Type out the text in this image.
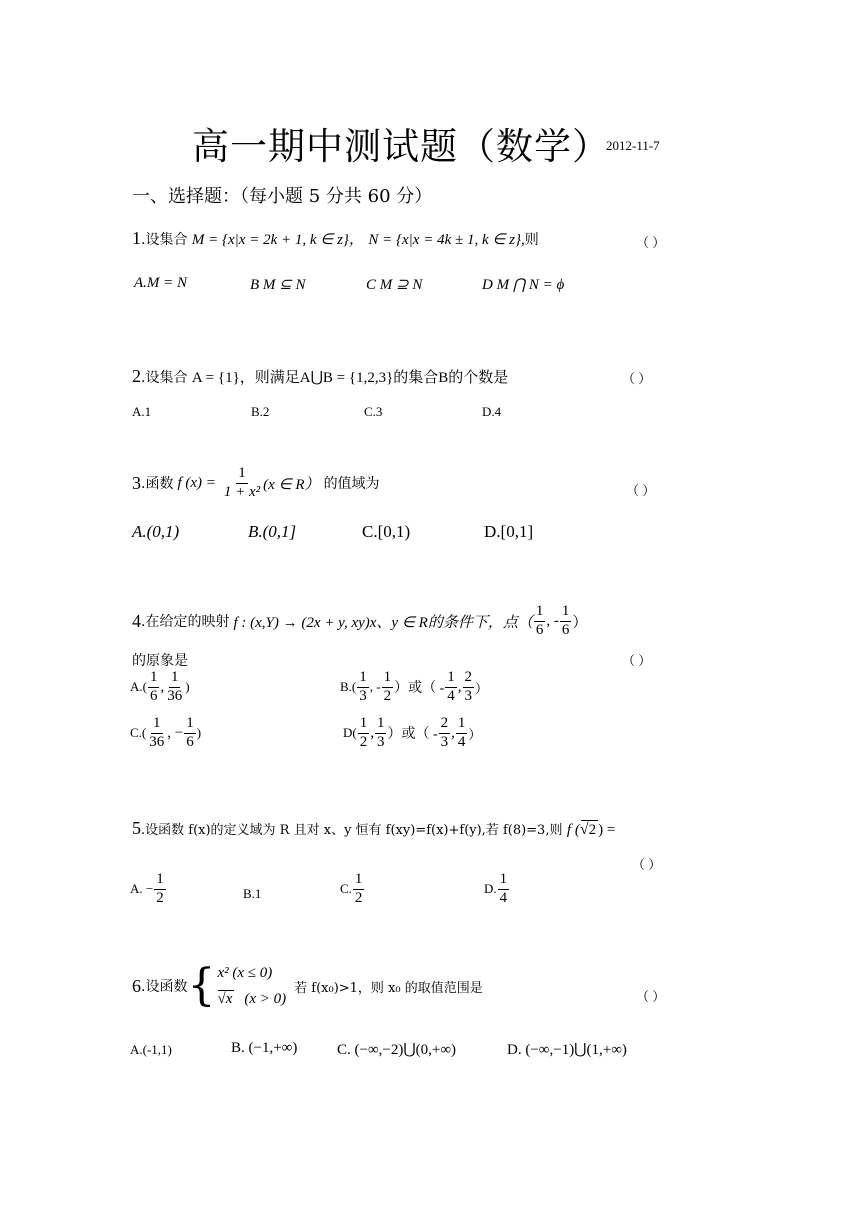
高一期中测试题（数学）
2012-11-7
一、选择题：（每小题 5 分共 60 分）
1.设集合 M = {x|x = 2k + 1, k ∈ z}， N = {x|x = 4k ± 1, k ∈ z},则	（ ）
A.M = N	B M ⊆ N	C M ⊇ N	D M ⋂ N = ϕ
2.设集合 A = {1}，则满足A⋃B = {1,2,3}的集合B的个数是	（ ）
A.1	B.2	C.3	D.4
3 .函数 f $(x) = \frac{1}{\text{1 + x²}} (x$ ∈ R） 的值域为	（ ）
A.(0,1)	B.(0,1]	C.[0,1)	D.[0,1]
4 .在给定的映射 f : (x,Y) → (2x + y, xy)x、y ∈ R的条件下，点（ $\frac{1}{6}$ , - $\frac{1}{6}$ ）
的原象是	（ ）
$A.( \frac{1}{6}$ , $\frac{1}{36}$ )	$B.( \frac{1}{3}$ , - $\frac{1}{2}$ ）或（ - $\frac{1}{4}$ , $\frac{2}{3}$ ）
$C.( \frac{1}{36}$ , − $\frac{1}{6}$ )	$D( \frac{1}{2}$ , $\frac{1}{3}$ ）或（ - $\frac{2}{3}$ , $\frac{1}{4}$ ）
5.设函数 f(x)的定义域为 R 且对 x、y 恒有 f(xy)=f(x)+f(y),若 f(8)=3,则 f (√2 ) =
（ ）
A. − $\frac{1}{2}$	B.1	C. $\frac{1}{2}$	D. $\frac{1}{4}$
6 .设函数 { x² (x ≤ 0)
√x (x > 0)
若 f(x₀)>1，则 x₀ 的取值范围是
（ ）
A.(-1,1)	B. (−1,+∞)	C. (−∞,−2)⋃(0,+∞)	D. (−∞,−1)⋃(1,+∞)
